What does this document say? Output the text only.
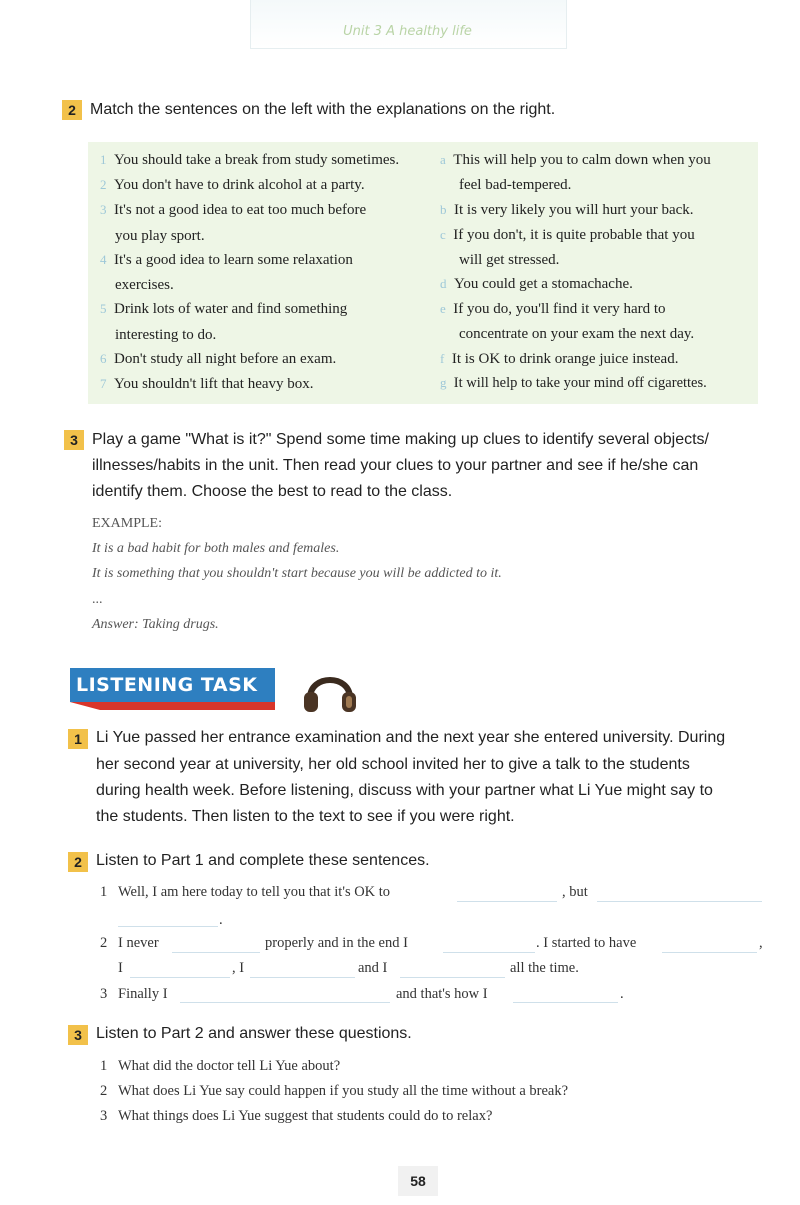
Unit 3 A healthy life
2 Match the sentences on the left with the explanations on the right.
1 You should take a break from study sometimes.
2 You don't have to drink alcohol at a party.
3 It's not a good idea to eat too much before
you play sport.
4 It's a good idea to learn some relaxation
exercises.
5 Drink lots of water and find something
interesting to do.
6 Don't study all night before an exam.
7 You shouldn't lift that heavy box.
a This will help you to calm down when you
feel bad-tempered.
b It is very likely you will hurt your back.
c If you don't, it is quite probable that you
will get stressed.
d You could get a stomachache.
e If you do, you'll find it very hard to
concentrate on your exam the next day.
f It is OK to drink orange juice instead.
g It will help to take your mind off cigarettes.
3 Play a game "What is it?" Spend some time making up clues to identify several objects/
illnesses/habits in the unit. Then read your clues to your partner and see if he/she can
identify them. Choose the best to read to the class.
EXAMPLE:
It is a bad habit for both males and females.
It is something that you shouldn't start because you will be addicted to it.
...
Answer: Taking drugs.
LISTENING TASK
1 Li Yue passed her entrance examination and the next year she entered university. During
her second year at university, her old school invited her to give a talk to the students
during health week. Before listening, discuss with your partner what Li Yue might say to
the students. Then listen to the text to see if you were right.
2 Listen to Part 1 and complete these sentences.
1 Well, I am here today to tell you that it's OK to	, but
.
2 I never	properly and in the end I	. I started to have	,
I	, I	and I	all the time.
3 Finally I	and that's how I	.
3 Listen to Part 2 and answer these questions.
1 What did the doctor tell Li Yue about?
2 What does Li Yue say could happen if you study all the time without a break?
3 What things does Li Yue suggest that students could do to relax?
58
